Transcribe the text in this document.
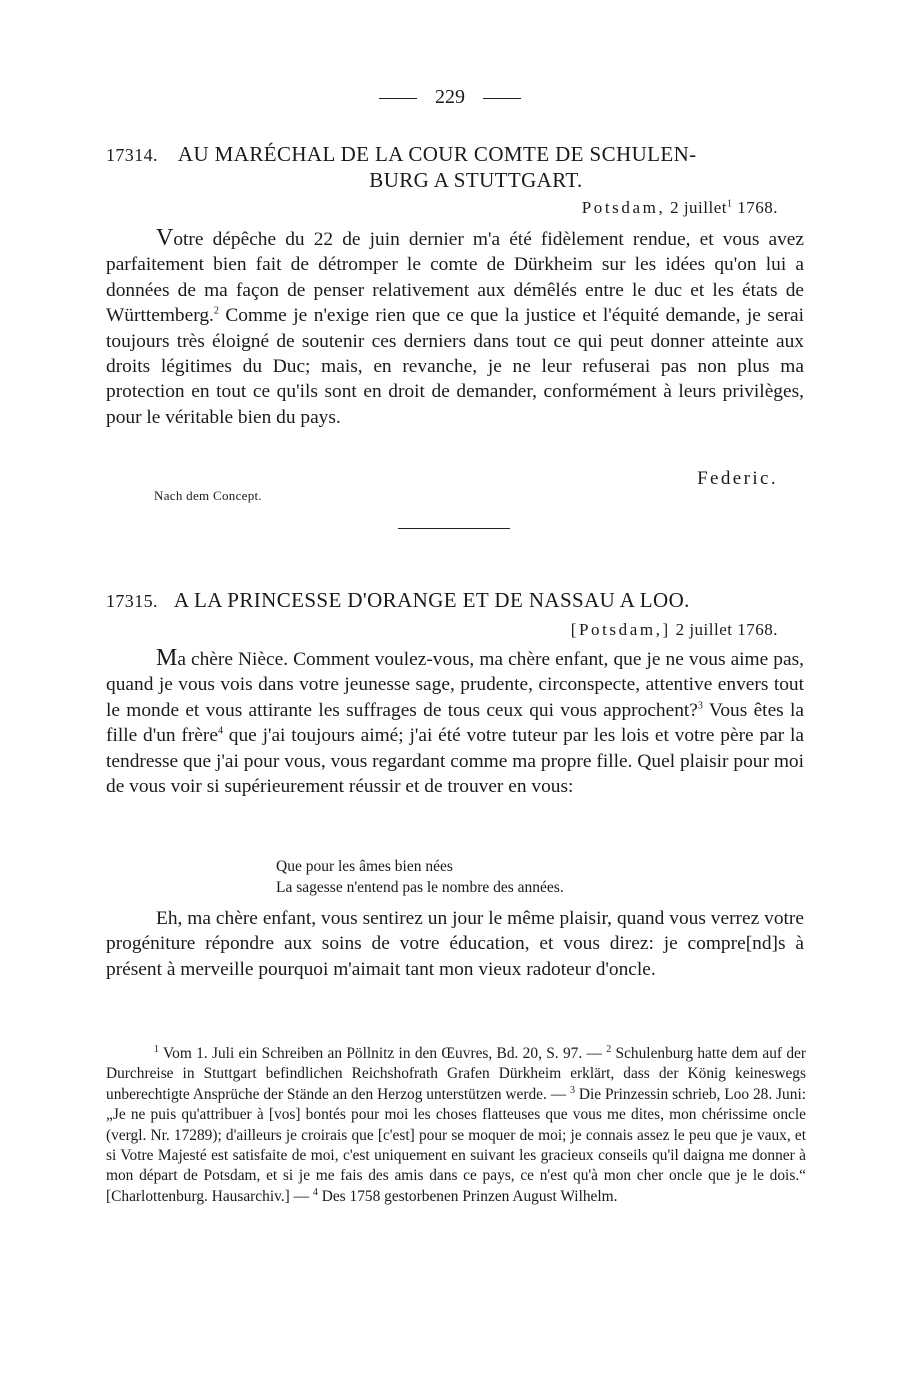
229
17314. AU MARÉCHAL DE LA COUR COMTE DE SCHULEN-
BURG A STUTTGART.
Potsdam, 2 juillet$^1$ 1768.

Votre dépêche du 22 de juin dernier m'a été fidèlement rendue, et vous avez parfaitement bien fait de détromper le comte de Dürkheim sur les idées qu'on lui a données de ma façon de penser relativement aux démêlés entre le duc et les états de Württemberg.$^2$ Comme je n'exige rien que ce que la justice et l'équité demande, je serai toujours très éloigné de soutenir ces derniers dans tout ce qui peut donner atteinte aux droits légitimes du Duc; mais, en revanche, je ne leur refuserai pas non plus ma protection en tout ce qu'ils sont en droit de demander, conformément à leurs privilèges, pour le véritable bien du pays.

Federic.
Nach dem Concept.
17315. A LA PRINCESSE D'ORANGE ET DE NASSAU A LOO.
[Potsdam,] 2 juillet 1768.

Ma chère Nièce. Comment voulez-vous, ma chère enfant, que je ne vous aime pas, quand je vous vois dans votre jeunesse sage, prudente, circonspecte, attentive envers tout le monde et vous attirante les suffrages de tous ceux qui vous approchent?$^3$ Vous êtes la fille d'un frère$^4$ que j'ai toujours aimé; j'ai été votre tuteur par les lois et votre père par la tendresse que j'ai pour vous, vous regardant comme ma propre fille. Quel plaisir pour moi de vous voir si supérieurement réussir et de trouver en vous:

Que pour les âmes bien nées
La sagesse n'entend pas le nombre des années.

Eh, ma chère enfant, vous sentirez un jour le même plaisir, quand vous verrez votre progéniture répondre aux soins de votre éducation, et vous direz: je compre[nd]s à présent à merveille pourquoi m'aimait tant mon vieux radoteur d'oncle.

$^1$ Vom 1. Juli ein Schreiben an Pöllnitz in den Œuvres, Bd. 20, S. 97. — $^2$ Schulenburg hatte dem auf der Durchreise in Stuttgart befindlichen Reichshofrath Grafen Dürkheim erklärt, dass der König keineswegs unberechtigte Ansprüche der Stände an den Herzog unterstützen werde. — $^3$ Die Prinzessin schrieb, Loo 28. Juni: „Je ne puis qu'attribuer à [vos] bontés pour moi les choses flatteuses que vous me dites, mon chérissime oncle (vergl. Nr. 17289); d'ailleurs je croirais que [c'est] pour se moquer de moi; je connais assez le peu que je vaux, et si Votre Majesté est satisfaite de moi, c'est uniquement en suivant les gracieux conseils qu'il daigna me donner à mon départ de Potsdam, et si je me fais des amis dans ce pays, ce n'est qu'à mon cher oncle que je le dois.“ [Charlottenburg. Hausarchiv.] — $^4$ Des 1758 gestorbenen Prinzen August Wilhelm.
